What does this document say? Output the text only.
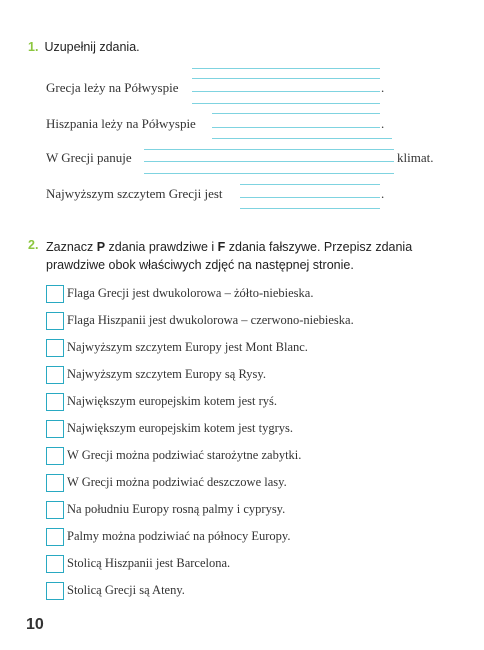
1. Uzupełnij zdania.
Grecja leży na Półwyspie	.
Hiszpania leży na Półwyspie	.
W Grecji panuje	klimat.
Najwyższym szczytem Grecji jest	.
2. Zaznacz P zdania prawdziwe i F zdania fałszywe. Przepisz zdania prawdziwe obok właściwych zdjęć na następnej stronie.
Flaga Grecji jest dwukolorowa – żółto-niebieska.
Flaga Hiszpanii jest dwukolorowa – czerwono-niebieska.
Najwyższym szczytem Europy jest Mont Blanc.
Najwyższym szczytem Europy są Rysy.
Największym europejskim kotem jest ryś.
Największym europejskim kotem jest tygrys.
W Grecji można podziwiać starożytne zabytki.
W Grecji można podziwiać deszczowe lasy.
Na południu Europy rosną palmy i cyprysy.
Palmy można podziwiać na północy Europy.
Stolicą Hiszpanii jest Barcelona.
Stolicą Grecji są Ateny.
10
